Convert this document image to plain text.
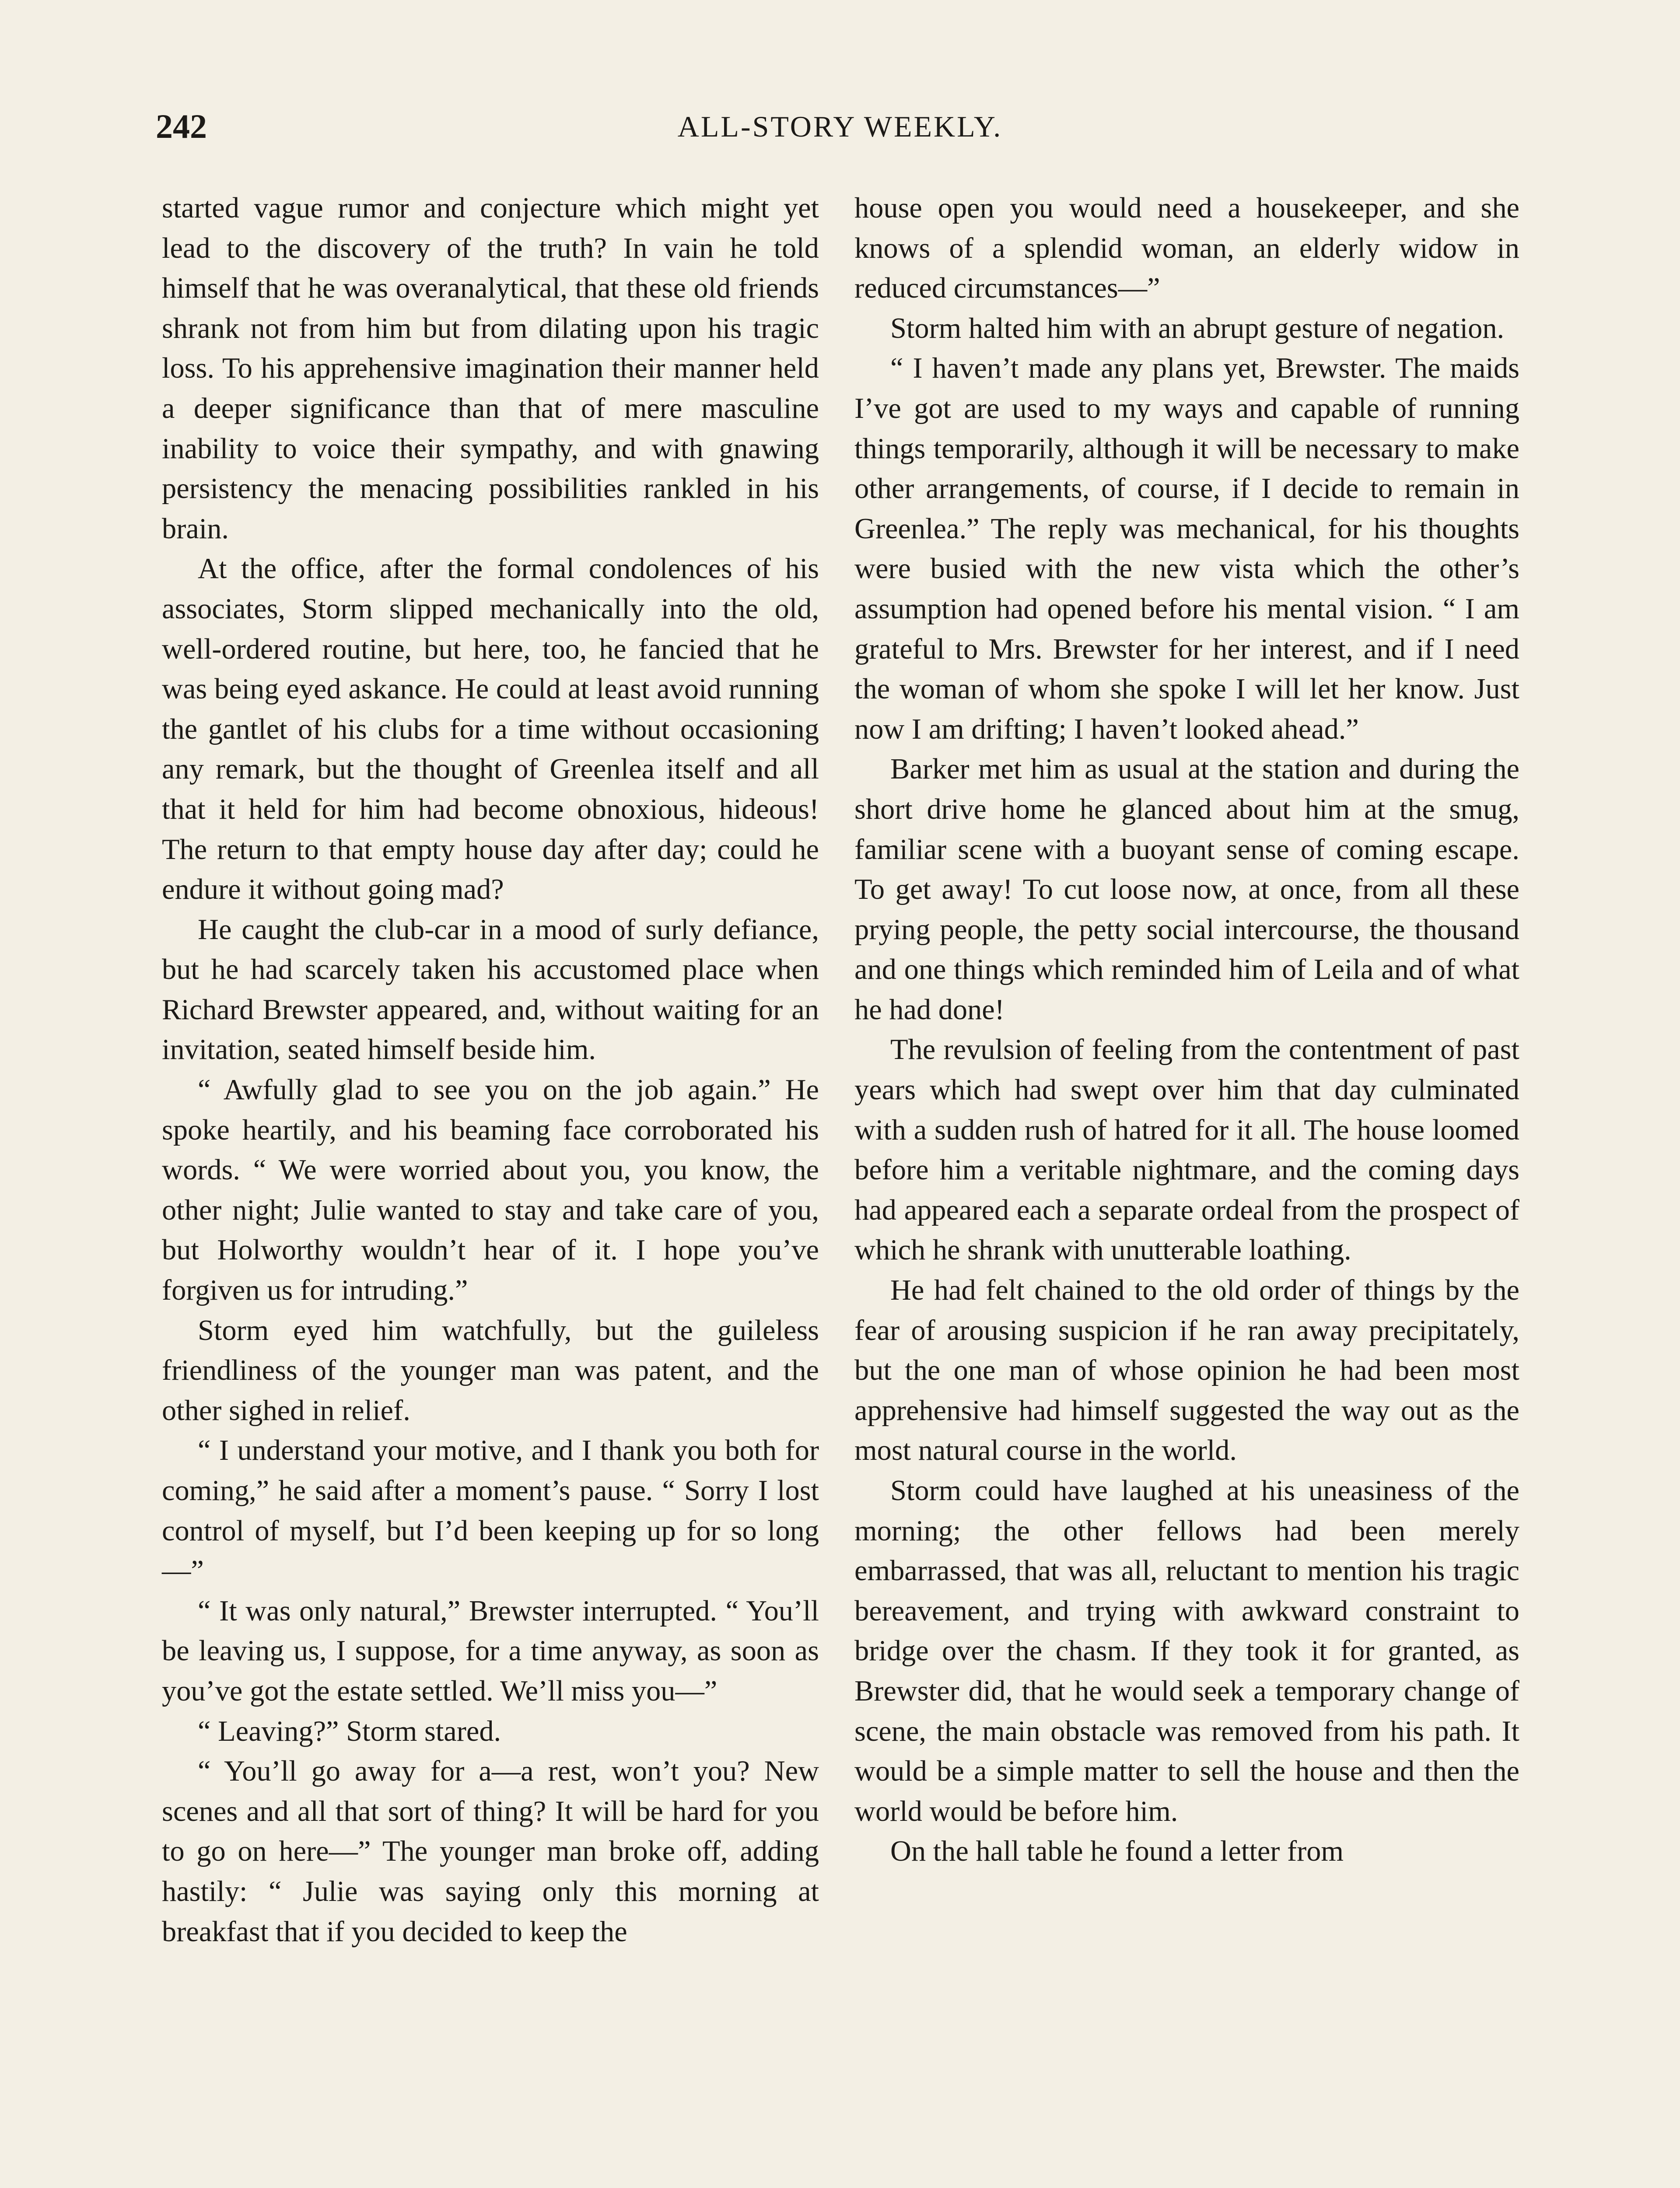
242	ALL-STORY WEEKLY.

started vague rumor and conjecture which might yet lead to the discovery of the truth? In vain he told himself that he was overanalytical, that these old friends shrank not from him but from dilating upon his tragic loss. To his apprehensive imagination their manner held a deeper significance than that of mere masculine inability to voice their sympathy, and with gnawing persistency the menacing possibilities rankled in his brain.

At the office, after the formal condolences of his associates, Storm slipped mechanically into the old, well-ordered routine, but here, too, he fancied that he was being eyed askance. He could at least avoid running the gantlet of his clubs for a time without occasioning any remark, but the thought of Greenlea itself and all that it held for him had become obnoxious, hideous! The return to that empty house day after day; could he endure it without going mad?

He caught the club-car in a mood of surly defiance, but he had scarcely taken his accustomed place when Richard Brewster appeared, and, without waiting for an invitation, seated himself beside him.

“ Awfully glad to see you on the job again.” He spoke heartily, and his beaming face corroborated his words. “ We were worried about you, you know, the other night; Julie wanted to stay and take care of you, but Holworthy wouldn’t hear of it. I hope you’ve forgiven us for intruding.”

Storm eyed him watchfully, but the guileless friendliness of the younger man was patent, and the other sighed in relief.

“ I understand your motive, and I thank you both for coming,” he said after a moment’s pause. “ Sorry I lost control of myself, but I’d been keeping up for so long—”

“ It was only natural,” Brewster interrupted. “ You’ll be leaving us, I suppose, for a time anyway, as soon as you’ve got the estate settled. We’ll miss you—”

“ Leaving?” Storm stared.

“ You’ll go away for a—a rest, won’t you? New scenes and all that sort of thing? It will be hard for you to go on here—” The younger man broke off, adding hastily: “ Julie was saying only this morning at breakfast that if you decided to keep the

house open you would need a housekeeper, and she knows of a splendid woman, an elderly widow in reduced circumstances—”

Storm halted him with an abrupt gesture of negation.

“ I haven’t made any plans yet, Brewster. The maids I’ve got are used to my ways and capable of running things temporarily, although it will be necessary to make other arrangements, of course, if I decide to remain in Greenlea.” The reply was mechanical, for his thoughts were busied with the new vista which the other’s assumption had opened before his mental vision. “ I am grateful to Mrs. Brewster for her interest, and if I need the woman of whom she spoke I will let her know. Just now I am drifting; I haven’t looked ahead.”

Barker met him as usual at the station and during the short drive home he glanced about him at the smug, familiar scene with a buoyant sense of coming escape. To get away! To cut loose now, at once, from all these prying people, the petty social intercourse, the thousand and one things which reminded him of Leila and of what he had done!

The revulsion of feeling from the contentment of past years which had swept over him that day culminated with a sudden rush of hatred for it all. The house loomed before him a veritable nightmare, and the coming days had appeared each a separate ordeal from the prospect of which he shrank with unutterable loathing.

He had felt chained to the old order of things by the fear of arousing suspicion if he ran away precipitately, but the one man of whose opinion he had been most apprehensive had himself suggested the way out as the most natural course in the world.

Storm could have laughed at his uneasiness of the morning; the other fellows had been merely embarrassed, that was all, reluctant to mention his tragic bereavement, and trying with awkward constraint to bridge over the chasm. If they took it for granted, as Brewster did, that he would seek a temporary change of scene, the main obstacle was removed from his path. It would be a simple matter to sell the house and then the world would be before him.

On the hall table he found a letter from
